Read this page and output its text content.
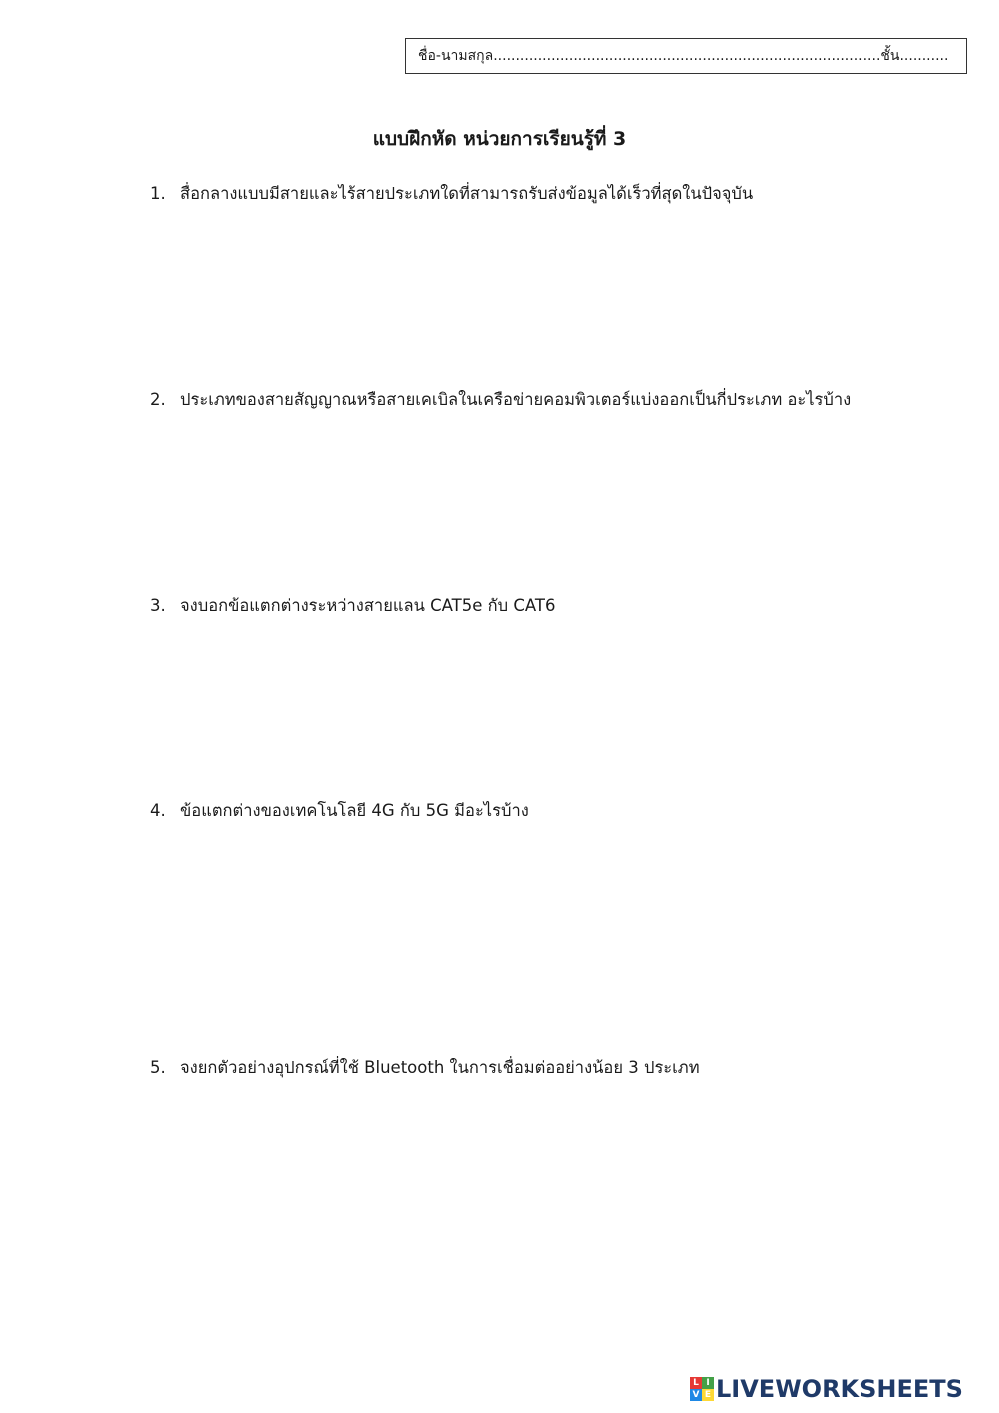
ชื่อ-นามสกุล.......................................................................................ชั้น...........
แบบฝึกหัด หน่วยการเรียนรู้ที่ 3
1. สื่อกลางแบบมีสายและไร้สายประเภทใดที่สามารถรับส่งข้อมูลได้เร็วที่สุดในปัจจุบัน
2. ประเภทของสายสัญญาณหรือสายเคเบิลในเครือข่ายคอมพิวเตอร์แบ่งออกเป็นกี่ประเภท อะไรบ้าง
3. จงบอกข้อแตกต่างระหว่างสายแลน CAT5e กับ CAT6
4. ข้อแตกต่างของเทคโนโลยี 4G กับ 5G มีอะไรบ้าง
5. จงยกตัวอย่างอุปกรณ์ที่ใช้ Bluetooth ในการเชื่อมต่ออย่างน้อย 3 ประเภท
L I
V E LIVEWORKSHEETS
